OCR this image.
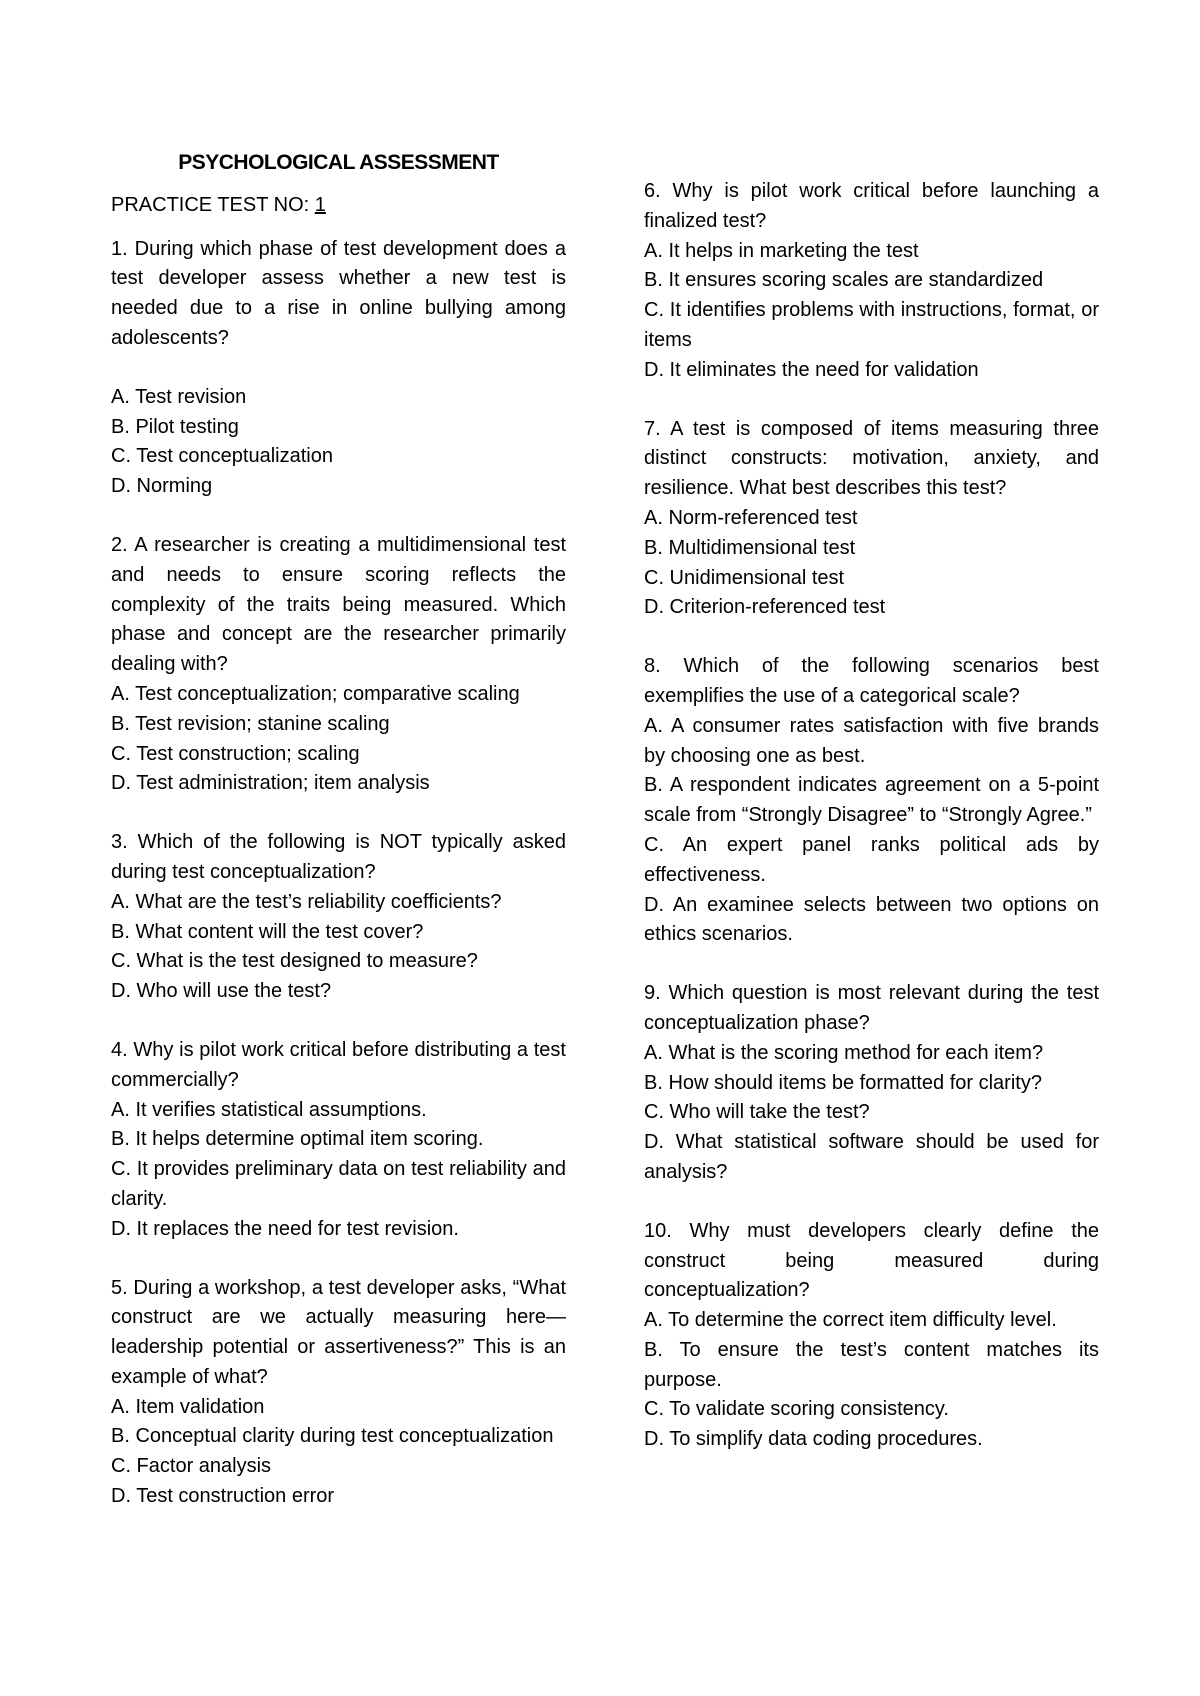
PSYCHOLOGICAL ASSESSMENT

PRACTICE TEST NO: 1

1. During which phase of test development does a test developer assess whether a new test is needed due to a rise in online bullying among adolescents?

A. Test revision

B. Pilot testing

C. Test conceptualization

D. Norming

2. A researcher is creating a multidimensional test and needs to ensure scoring reflects the complexity of the traits being measured. Which phase and concept are the researcher primarily dealing with?

A. Test conceptualization; comparative scaling

B. Test revision; stanine scaling

C. Test construction; scaling

D. Test administration; item analysis

3. Which of the following is NOT typically asked during test conceptualization?

A. What are the test’s reliability coefficients?

B. What content will the test cover?

C. What is the test designed to measure?

D. Who will use the test?

4. Why is pilot work critical before distributing a test commercially?

A. It verifies statistical assumptions.

B. It helps determine optimal item scoring.

C. It provides preliminary data on test reliability and clarity.

D. It replaces the need for test revision.

5. During a workshop, a test developer asks, “What construct are we actually measuring here—leadership potential or assertiveness?” This is an example of what?

A. Item validation

B. Conceptual clarity during test conceptualization

C. Factor analysis

D. Test construction error

6. Why is pilot work critical before launching a finalized test?

A. It helps in marketing the test

B. It ensures scoring scales are standardized

C. It identifies problems with instructions, format, or items

D. It eliminates the need for validation

7. A test is composed of items measuring three distinct constructs: motivation, anxiety, and resilience. What best describes this test?

A. Norm-referenced test

B. Multidimensional test

C. Unidimensional test

D. Criterion-referenced test

8. Which of the following scenarios best exemplifies the use of a categorical scale?

A. A consumer rates satisfaction with five brands by choosing one as best.

B. A respondent indicates agreement on a 5-point scale from “Strongly Disagree” to “Strongly Agree.”

C. An expert panel ranks political ads by effectiveness.

D. An examinee selects between two options on ethics scenarios.

9. Which question is most relevant during the test conceptualization phase?

A. What is the scoring method for each item?

B. How should items be formatted for clarity?

C. Who will take the test?

D. What statistical software should be used for analysis?

10. Why must developers clearly define the construct being measured during conceptualization?

A. To determine the correct item difficulty level.

B. To ensure the test’s content matches its purpose.

C. To validate scoring consistency.

D. To simplify data coding procedures.
